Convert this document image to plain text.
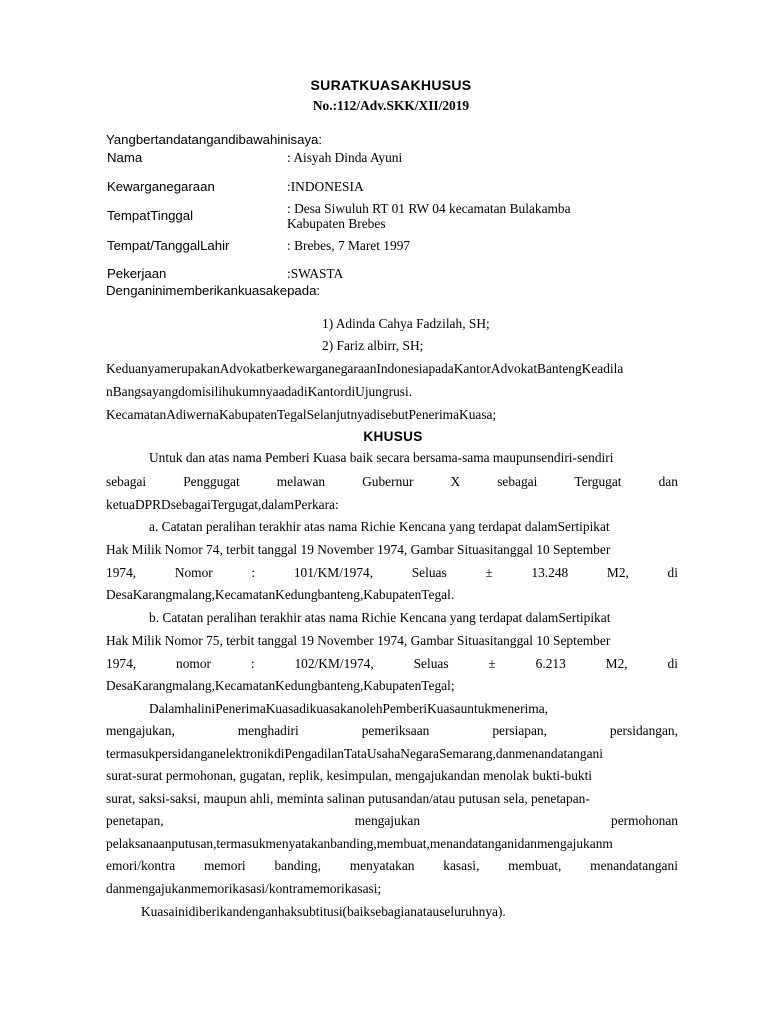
SURATKUASAKHUSUS
No.:112/Adv.SKK/XII/2019
Yangbertandatangandibawahinisaya:
Nama	: Aisyah Dinda Ayuni
Kewarganegaraan	:INDONESIA
TempatTinggal	: Desa Siwuluh RT 01 RW 04 kecamatan Bulakamba
Kabupaten Brebes
Tempat/TanggalLahir	: Brebes, 7 Maret 1997
Pekerjaan	:SWASTA
Denganinimemberikankuasakepada:
1) Adinda Cahya Fadzilah, SH;
2) Fariz albirr, SH;
KeduanyamerupakanAdvokatberkewarganegaraanIndonesiapadaKantorAdvokatBantengKeadila
nBangsayangdomisilihukumnyaadadiKantordiUjungrusi.
KecamatanAdiwernaKabupatenTegalSelanjutnyadisebutPenerimaKuasa;
KHUSUS
Untuk dan atas nama Pemberi Kuasa baik secara bersama-sama maupunsendiri-sendiri
sebagai	Penggugat	melawan	Gubernur	X	sebagai	Tergugat	dan
ketuaDPRDsebagaiTergugat,dalamPerkara:
a. Catatan peralihan terakhir atas nama Richie Kencana yang terdapat dalamSertipikat
Hak Milik Nomor 74, terbit tanggal 19 November 1974, Gambar Situasitanggal 10 September
1974,	Nomor	:	101/KM/1974,	Seluas	±	13.248	M2,	di
DesaKarangmalang,KecamatanKedungbanteng,KabupatenTegal.
b. Catatan peralihan terakhir atas nama Richie Kencana yang terdapat dalamSertipikat
Hak Milik Nomor 75, terbit tanggal 19 November 1974, Gambar Situasitanggal 10 September
1974,	nomor	:	102/KM/1974,	Seluas	±	6.213	M2,	di
DesaKarangmalang,KecamatanKedungbanteng,KabupatenTegal;
DalamhaliniPenerimaKuasadikuasakanolehPemberiKuasauntukmenerima,
mengajukan,	menghadiri	pemeriksaan	persiapan,	persidangan,
termasukpersidanganelektronikdiPengadilanTataUsahaNegaraSemarang,danmenandatangani
surat-surat permohonan, gugatan, replik, kesimpulan, mengajukandan menolak bukti-bukti
surat, saksi-saksi, maupun ahli, meminta salinan putusandan/atau putusan sela, penetapan-
penetapan,	mengajukan	permohonan
pelaksanaanputusan,termasukmenyatakanbanding,membuat,menandatanganidanmengajukanm
emori/kontra memori banding, menyatakan kasasi, membuat, menandatangani
danmengajukanmemorikasasi/kontramemorikasasi;
Kuasainidiberikandenganhaksubtitusi(baiksebagianatauseluruhnya).
